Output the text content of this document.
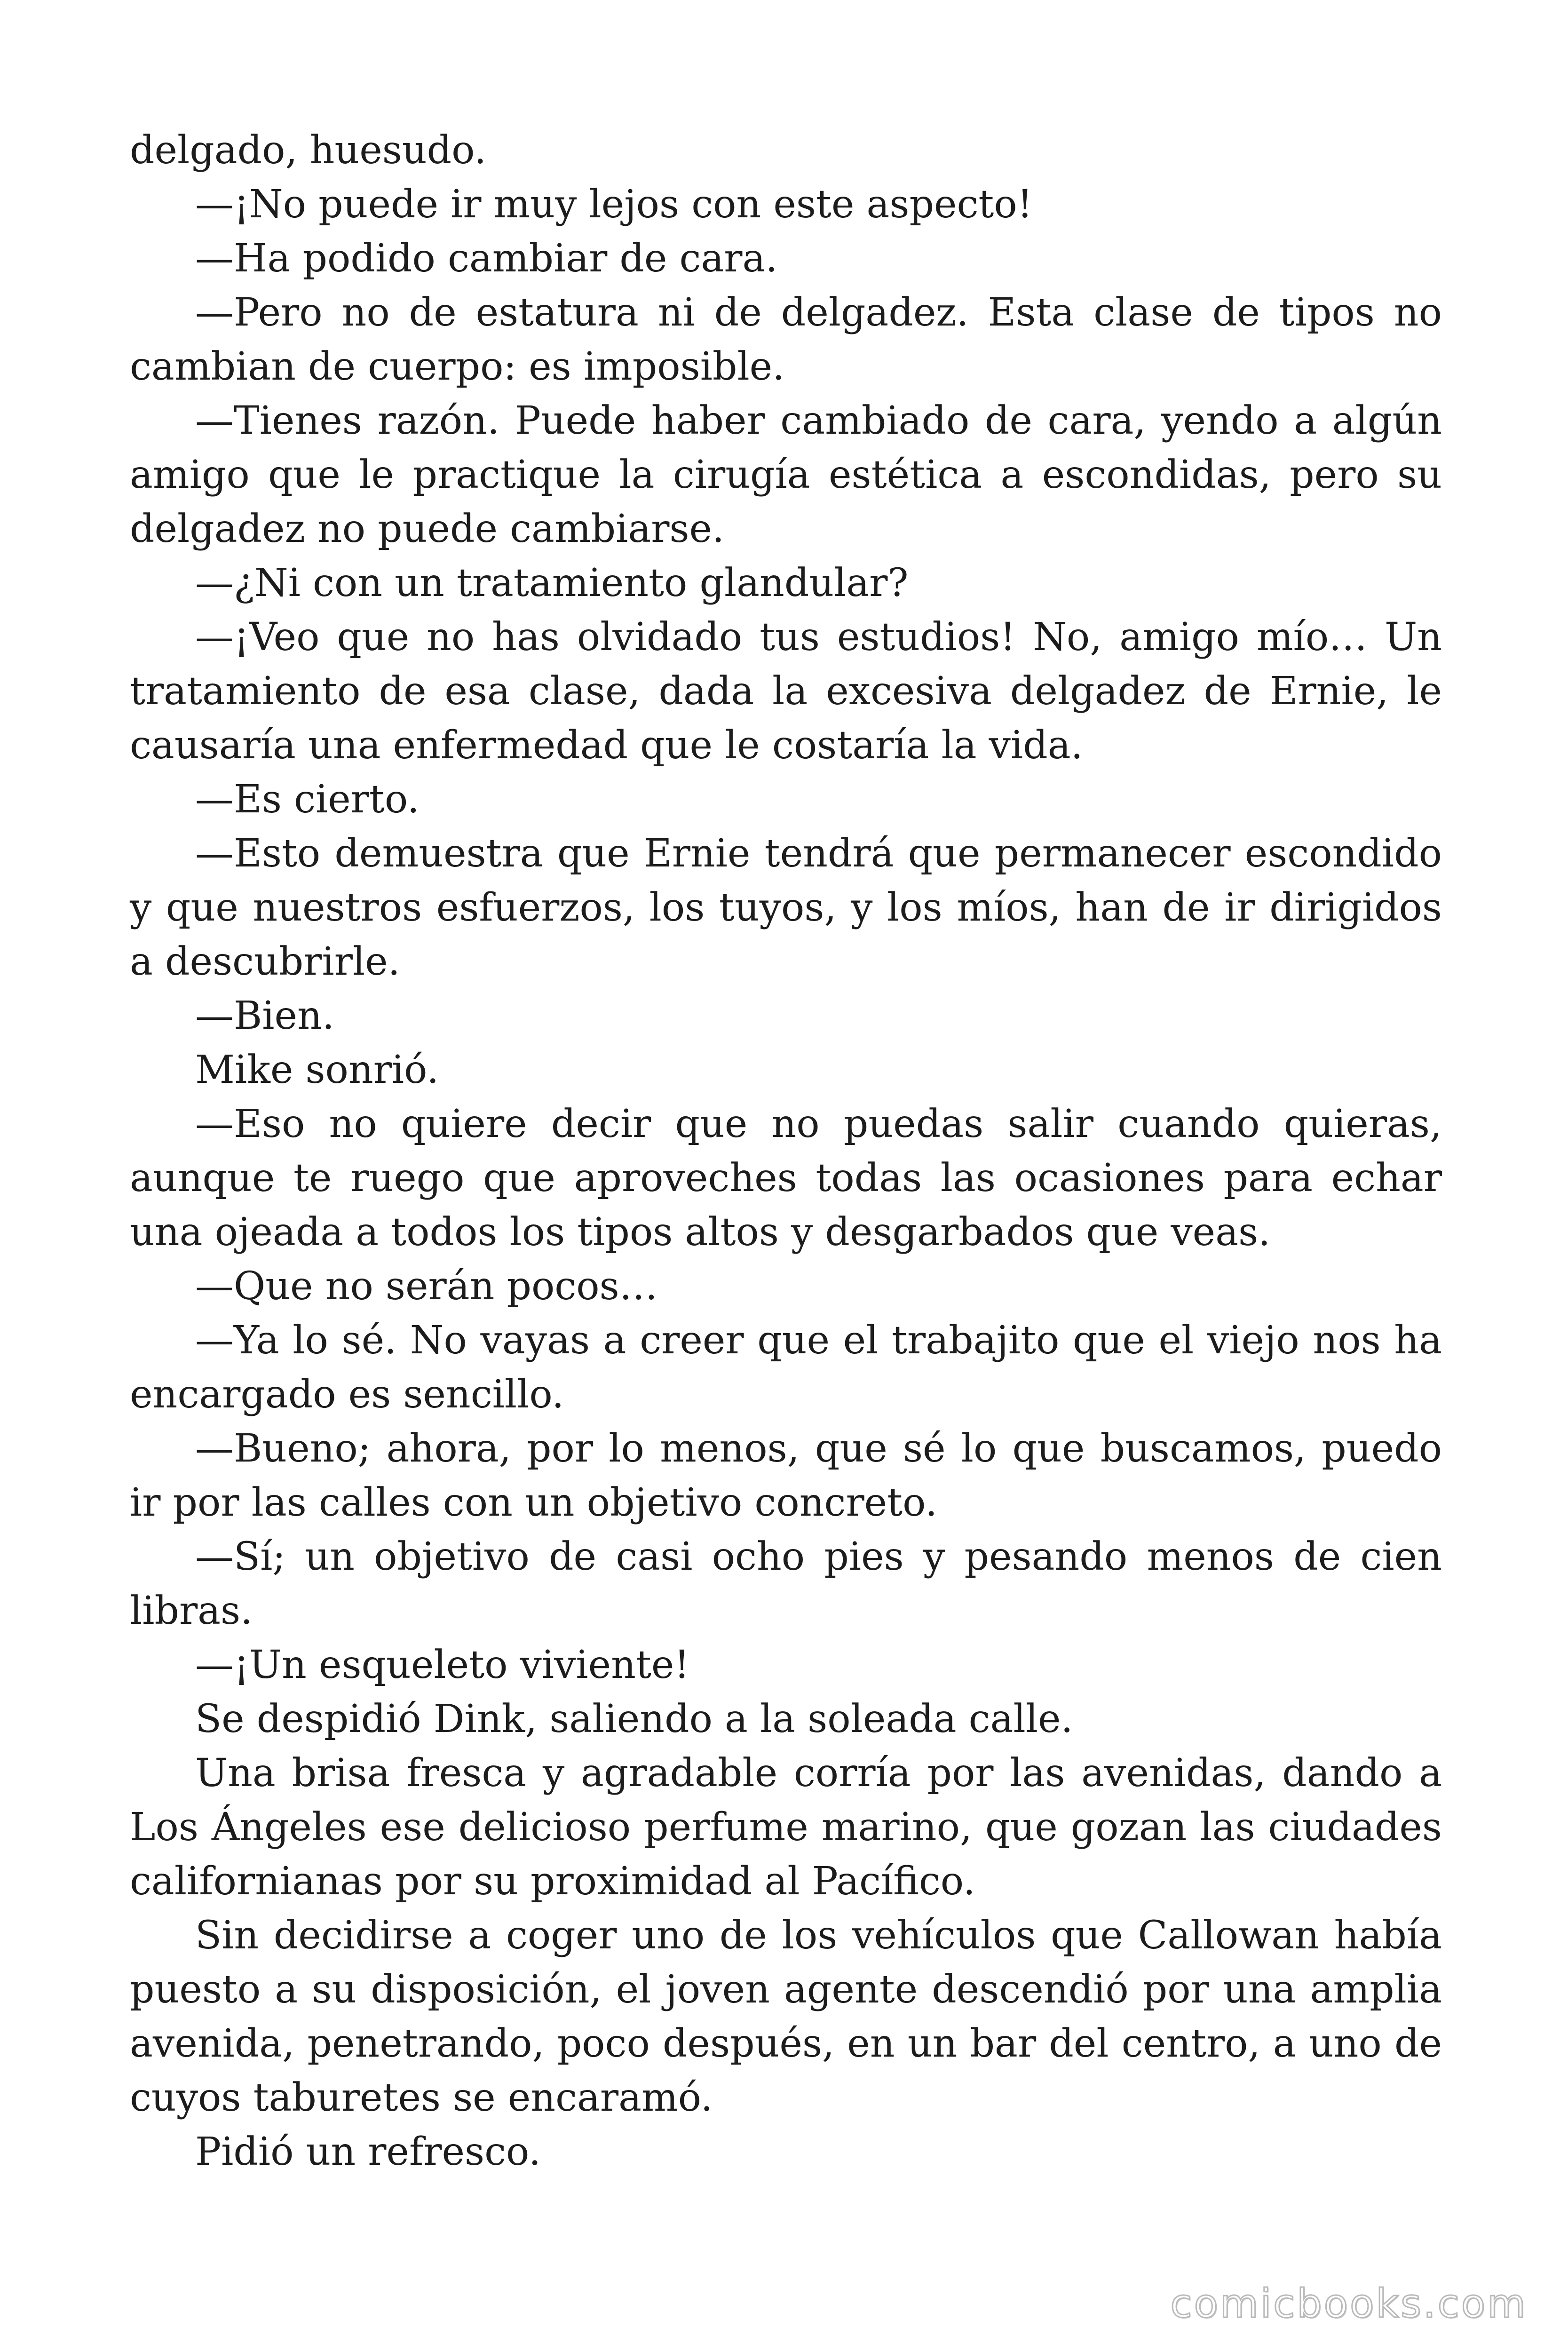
delgado, huesudo.

—¡No puede ir muy lejos con este aspecto!

—Ha podido cambiar de cara.

—Pero no de estatura ni de delgadez. Esta clase de tipos no cambian de cuerpo: es imposible.

—Tienes razón. Puede haber cambiado de cara, yendo a algún amigo que le practique la cirugía estética a escondidas, pero su delgadez no puede cambiarse.

—¿Ni con un tratamiento glandular?

—¡Veo que no has olvidado tus estudios! No, amigo mío… Un tratamiento de esa clase, dada la excesiva delgadez de Ernie, le causaría una enfermedad que le costaría la vida.

—Es cierto.

—Esto demuestra que Ernie tendrá que permanecer escondido y que nuestros esfuerzos, los tuyos, y los míos, han de ir dirigidos a descubrirle.

—Bien.

Mike sonrió.

—Eso no quiere decir que no puedas salir cuando quieras, aunque te ruego que aproveches todas las ocasiones para echar una ojeada a todos los tipos altos y desgarbados que veas.

—Que no serán pocos…

—Ya lo sé. No vayas a creer que el trabajito que el viejo nos ha encargado es sencillo.

—Bueno; ahora, por lo menos, que sé lo que buscamos, puedo ir por las calles con un objetivo concreto.

—Sí; un objetivo de casi ocho pies y pesando menos de cien libras.

—¡Un esqueleto viviente!

Se despidió Dink, saliendo a la soleada calle.

Una brisa fresca y agradable corría por las avenidas, dando a Los Ángeles ese delicioso perfume marino, que gozan las ciudades californianas por su proximidad al Pacífico.

Sin decidirse a coger uno de los vehículos que Callowan había puesto a su disposición, el joven agente descendió por una amplia avenida, penetrando, poco después, en un bar del centro, a uno de cuyos taburetes se encaramó.

Pidió un refresco.

comicbooks.com
